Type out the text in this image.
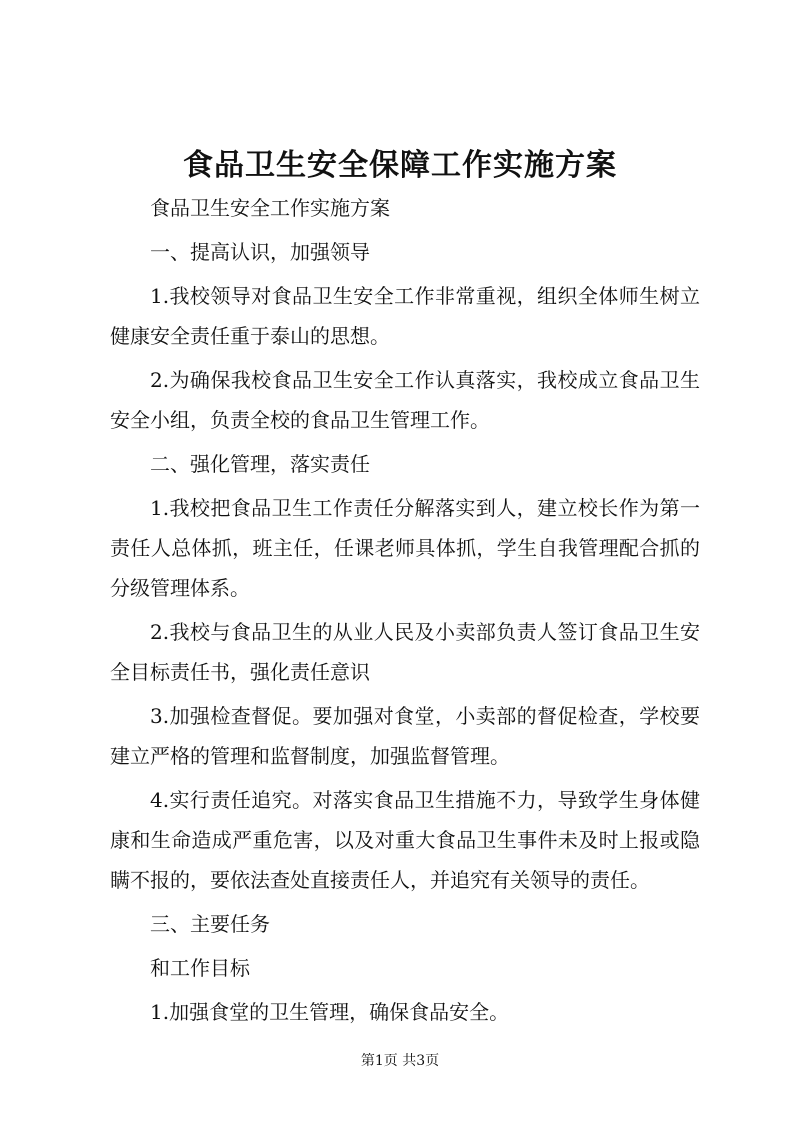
食品卫生安全保障工作实施方案

食品卫生安全工作实施方案

一、提高认识，加强领导

1.我校领导对食品卫生安全工作非常重视，组织全体师生树立健康安全责任重于泰山的思想。

2.为确保我校食品卫生安全工作认真落实，我校成立食品卫生安全小组，负责全校的食品卫生管理工作。

二、强化管理，落实责任

1.我校把食品卫生工作责任分解落实到人，建立校长作为第一责任人总体抓，班主任，任课老师具体抓，学生自我管理配合抓的分级管理体系。

2.我校与食品卫生的从业人民及小卖部负责人签订食品卫生安全目标责任书，强化责任意识

3.加强检查督促。要加强对食堂，小卖部的督促检查，学校要建立严格的管理和监督制度，加强监督管理。

4.实行责任追究。对落实食品卫生措施不力，导致学生身体健康和生命造成严重危害，以及对重大食品卫生事件未及时上报或隐瞒不报的，要依法查处直接责任人，并追究有关领导的责任。

三、主要任务

和工作目标

1.加强食堂的卫生管理，确保食品安全。

第1页 共3页
